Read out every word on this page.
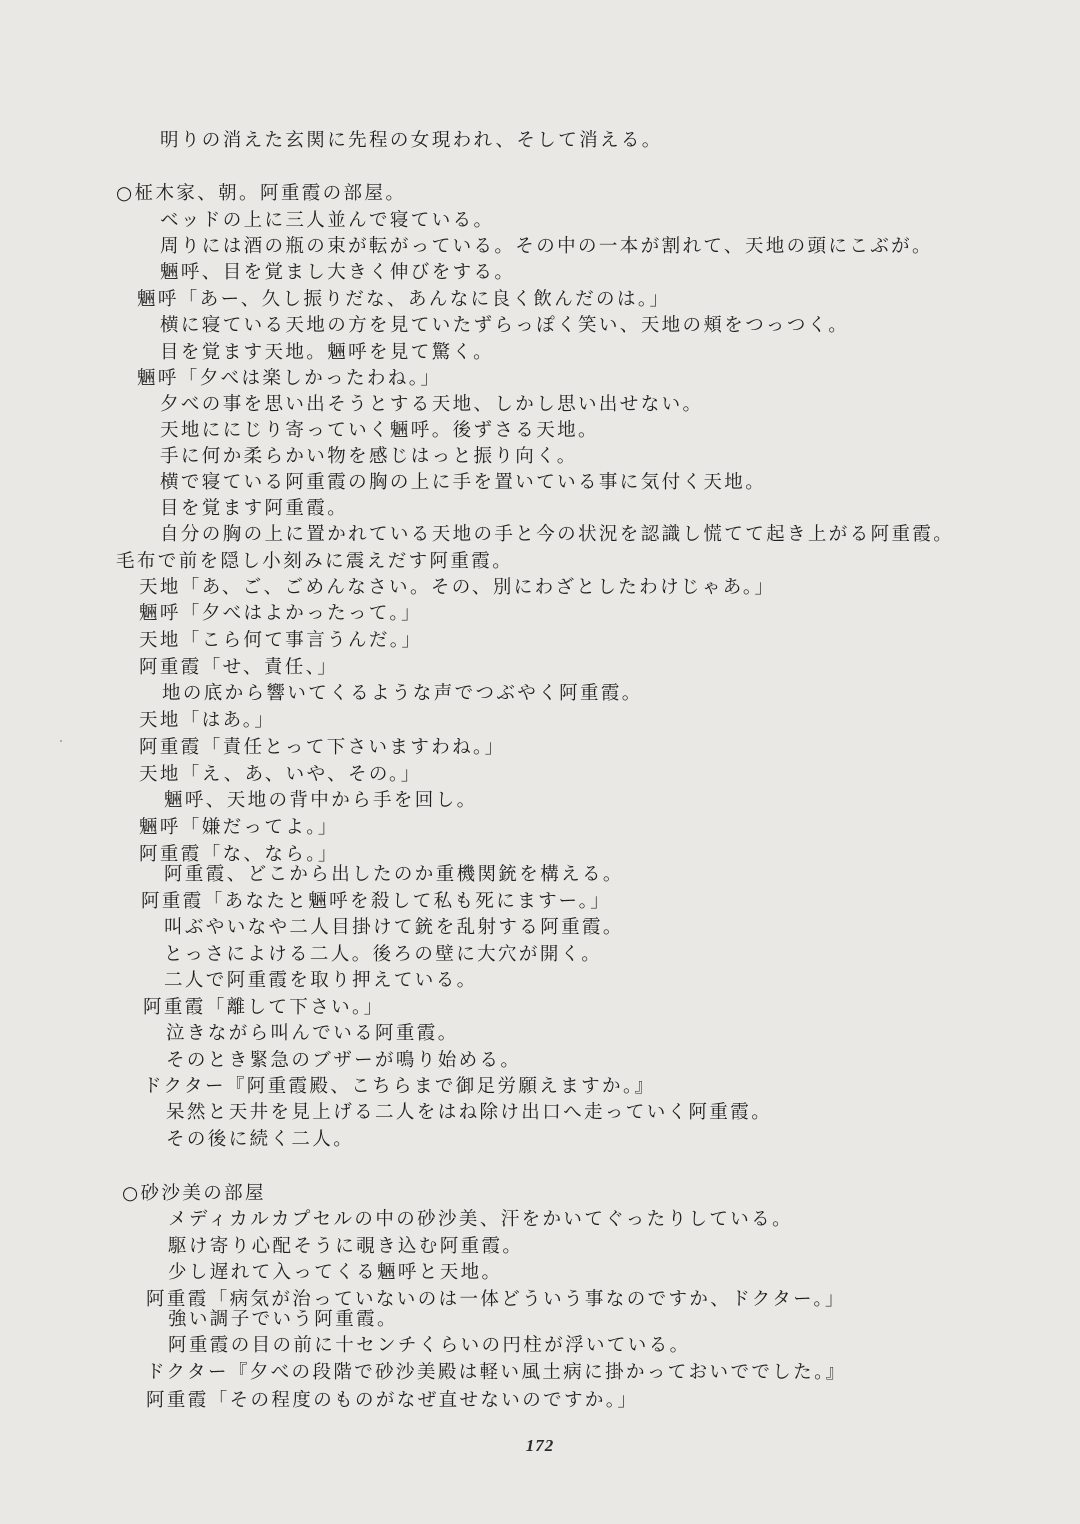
明りの消えた玄関に先程の女現われ、そして消える。
○柾木家、朝。阿重霞の部屋。
ベッドの上に三人並んで寝ている。
周りには酒の瓶の束が転がっている。その中の一本が割れて、天地の頭にこぶが。
魎呼、目を覚まし大きく伸びをする。
魎呼「あー、久し振りだな、あんなに良く飲んだのは。」
横に寝ている天地の方を見ていたずらっぽく笑い、天地の頬をつっつく。
目を覚ます天地。魎呼を見て驚く。
魎呼「夕べは楽しかったわね。」
夕べの事を思い出そうとする天地、しかし思い出せない。
天地ににじり寄っていく魎呼。後ずさる天地。
手に何か柔らかい物を感じはっと振り向く。
横で寝ている阿重霞の胸の上に手を置いている事に気付く天地。
目を覚ます阿重霞。
自分の胸の上に置かれている天地の手と今の状況を認識し慌てて起き上がる阿重霞。
毛布で前を隠し小刻みに震えだす阿重霞。
天地「あ、ご、ごめんなさい。その、別にわざとしたわけじゃあ。」
魎呼「夕べはよかったって。」
天地「こら何て事言うんだ。」
阿重霞「せ、責任、」
地の底から響いてくるような声でつぶやく阿重霞。
天地「はあ。」
阿重霞「責任とって下さいますわね。」
天地「え、あ、いや、その。」
魎呼、天地の背中から手を回し。
魎呼「嫌だってよ。」
阿重霞「な、なら。」
阿重霞、どこから出したのか重機関銃を構える。
阿重霞「あなたと魎呼を殺して私も死にますー。」
叫ぶやいなや二人目掛けて銃を乱射する阿重霞。
とっさによける二人。後ろの壁に大穴が開く。
二人で阿重霞を取り押えている。
阿重霞「離して下さい。」
泣きながら叫んでいる阿重霞。
そのとき緊急のブザーが鳴り始める。
ドクター『阿重霞殿、こちらまで御足労願えますか。』
呆然と天井を見上げる二人をはね除け出口へ走っていく阿重霞。
その後に続く二人。
○砂沙美の部屋
メディカルカプセルの中の砂沙美、汗をかいてぐったりしている。
駆け寄り心配そうに覗き込む阿重霞。
少し遅れて入ってくる魎呼と天地。
阿重霞「病気が治っていないのは一体どういう事なのですか、ドクター。」
強い調子でいう阿重霞。
阿重霞の目の前に十センチくらいの円柱が浮いている。
ドクター『夕べの段階で砂沙美殿は軽い風土病に掛かっておいででした。』
阿重霞「その程度のものがなぜ直せないのですか。」
172
